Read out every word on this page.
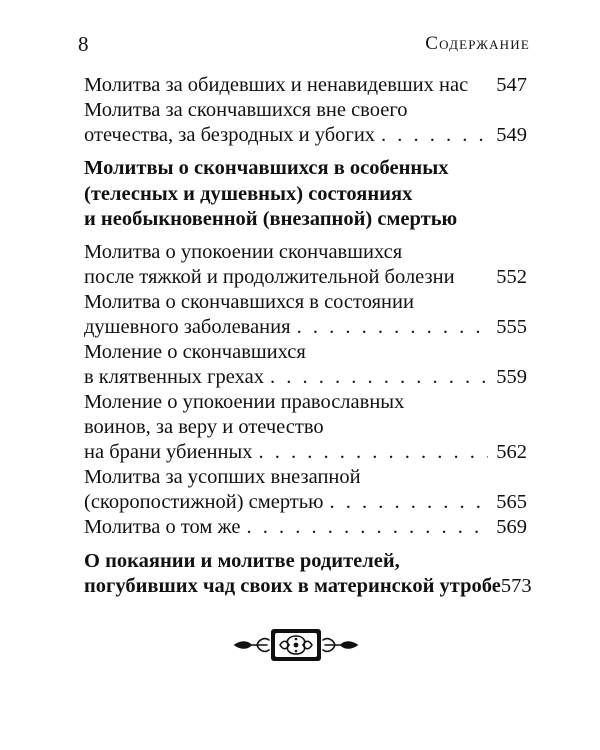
8	Содержание
Молитва за обидевших и ненавидевших нас 547
Молитва за скончавшихся вне своего
отечества, за безродных и убогих . . .	549
Молитвы о скончавшихся в особенных
(телесных и душевных) состояниях
и необыкновенной (внезапной) смертью
Молитва о упокоении скончавшихся
после тяжкой и продолжительной болезни 552
Молитва о скончавшихся в состоянии
душевного заболевания . . .	555
Моление о скончавшихся
в клятвенных грехах . . .	559
Моление о упокоении православных
воинов, за веру и отечество
на брани убиенных . . .	562
Молитва за усопших внезапной
(скоропостижной) смертью . . .	565
Молитва о том же . . .	569
О покаянии и молитве родителей,
погубивших чад своих в материнской утробе 573
